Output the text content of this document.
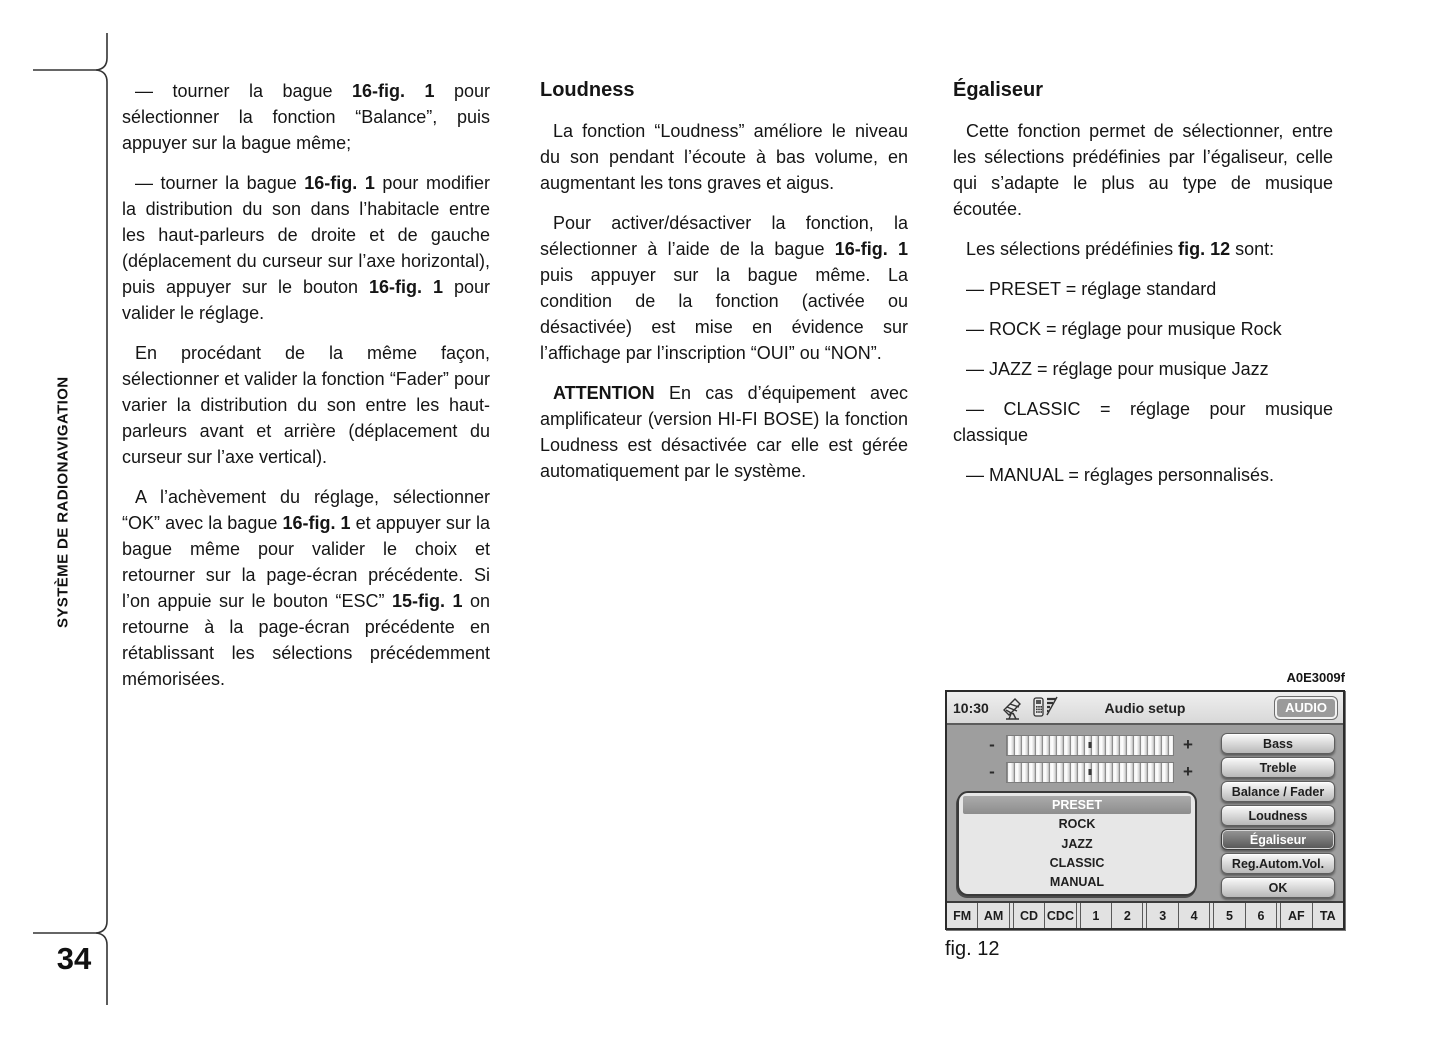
SYSTÈME DE RADIONAVIGATION
34

— tourner la bague 16-fig. 1 pour sélectionner la fonction “Balance”, puis appuyer sur la bague même;

— tourner la bague 16-fig. 1 pour modifier la distribution du son dans l’habitacle entre les haut-parleurs de droite et de gauche (déplacement du curseur sur l’axe horizontal), puis appuyer sur le bouton 16-fig. 1 pour valider le réglage.

En procédant de la même façon, sélectionner et valider la fonction “Fader” pour varier la distribution du son entre les haut-parleurs avant et arrière (déplacement du curseur sur l’axe vertical).

A l’achèvement du réglage, sélectionner “OK” avec la bague 16-fig. 1 et appuyer sur la bague même pour valider le choix et retourner sur la page-écran précédente. Si l’on appuie sur le bouton “ESC” 15-fig. 1 on retourne à la page-écran précédente en rétablissant les sélections précédemment mémorisées.

Loudness

La fonction “Loudness” améliore le niveau du son pendant l’écoute à bas volume, en augmentant les tons graves et aigus.

Pour activer/désactiver la fonction, la sélectionner à l’aide de la bague 16-fig. 1 puis appuyer sur la bague même. La condition de la fonction (activée ou désactivée) est mise en évidence sur l’affichage par l’inscription “OUI” ou “NON”.

ATTENTION En cas d’équipement avec amplificateur (version HI-FI BOSE) la fonction Loudness est désactivée car elle est gérée automatiquement par le système.

Égaliseur

Cette fonction permet de sélectionner, entre les sélections prédéfinies par l’égaliseur, celle qui s’adapte le plus au type de musique écoutée.

Les sélections prédéfinies fig. 12 sont:

— PRESET = réglage standard

— ROCK = réglage pour musique Rock

— JAZZ = réglage pour musique Jazz

— CLASSIC = réglage pour musique classique

— MANUAL = réglages personnalisés.

A0E3009f
10:30	Audio setup	AUDIO
-	+
-	+
Bass
Treble
Balance / Fader
Loudness
Égaliseur
Reg.Autom.Vol.
OK
PRESET
ROCK
JAZZ
CLASSIC
MANUAL
FM	AM	CD CDC	1	2	3	4	5	6	AF	TA
fig. 12
